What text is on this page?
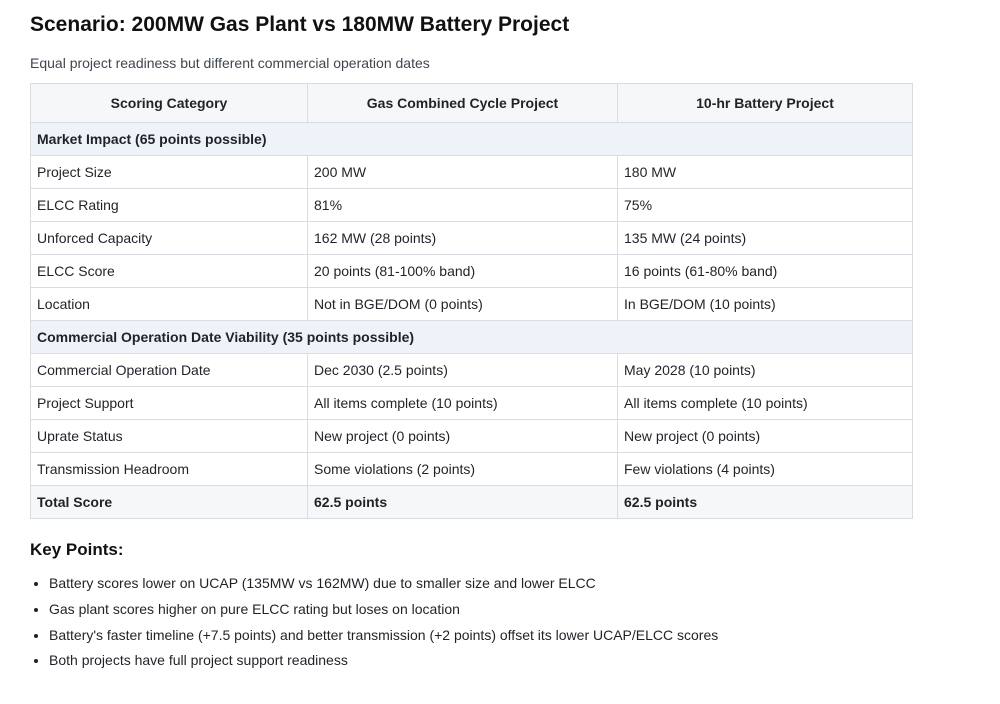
Scenario: 200MW Gas Plant vs 180MW Battery Project
Equal project readiness but different commercial operation dates
Scoring Category	Gas Combined Cycle Project	10-hr Battery Project
Market Impact (65 points possible)		
Project Size	200 MW	180 MW
ELCC Rating	81%	75%
Unforced Capacity	162 MW (28 points)	135 MW (24 points)
ELCC Score	20 points (81-100% band)	16 points (61-80% band)
Location	Not in BGE/DOM (0 points)	In BGE/DOM (10 points)
Commercial Operation Date Viability (35 points possible)		
Commercial Operation Date	Dec 2030 (2.5 points)	May 2028 (10 points)
Project Support	All items complete (10 points)	All items complete (10 points)
Uprate Status	New project (0 points)	New project (0 points)
Transmission Headroom	Some violations (2 points)	Few violations (4 points)
Total Score	62.5 points	62.5 points
Key Points:
• Battery scores lower on UCAP (135MW vs 162MW) due to smaller size and lower ELCC
• Gas plant scores higher on pure ELCC rating but loses on location
• Battery's faster timeline (+7.5 points) and better transmission (+2 points) offset its lower UCAP/ELCC scores
• Both projects have full project support readiness
